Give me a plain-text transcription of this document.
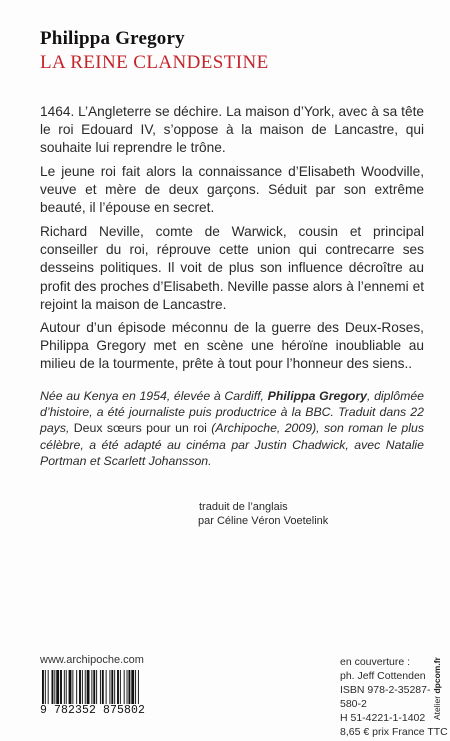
Philippa Gregory
LA REINE CLANDESTINE

1464. L’Angleterre se déchire. La maison d’York, avec à sa tête le roi Edouard IV, s’oppose à la maison de Lancastre, qui souhaite lui reprendre le trône.

Le jeune roi fait alors la connaissance d’Elisabeth Woodville, veuve et mère de deux garçons. Séduit par son extrême beauté, il l’épouse en secret.

Richard Neville, comte de Warwick, cousin et principal conseiller du roi, réprouve cette union qui contrecarre ses desseins politiques. Il voit de plus son influence décroître au profit des proches d’Elisabeth. Neville passe alors à l’ennemi et rejoint la maison de Lancastre.

Autour d’un épisode méconnu de la guerre des Deux-Roses, Philippa Gregory met en scène une héroïne inoubliable au milieu de la tourmente, prête à tout pour l’honneur des siens..

Née au Kenya en 1954, élevée à Cardiff, Philippa Gregory, diplômée d’histoire, a été journaliste puis productrice à la BBC. Traduit dans 22 pays, Deux sœurs pour un roi (Archipoche, 2009), son roman le plus célèbre, a été adapté au cinéma par Justin Chadwick, avec Natalie Portman et Scarlett Johansson.

traduit de l’anglais
par Céline Véron Voetelink
www.archipoche.com
9 782352 875802
en couverture :
ph. Jeff Cottenden
ISBN 978-2-35287-580-2
H 51-4221-1-1402
8,65 € prix France TTC
Atelier dpcom.fr
